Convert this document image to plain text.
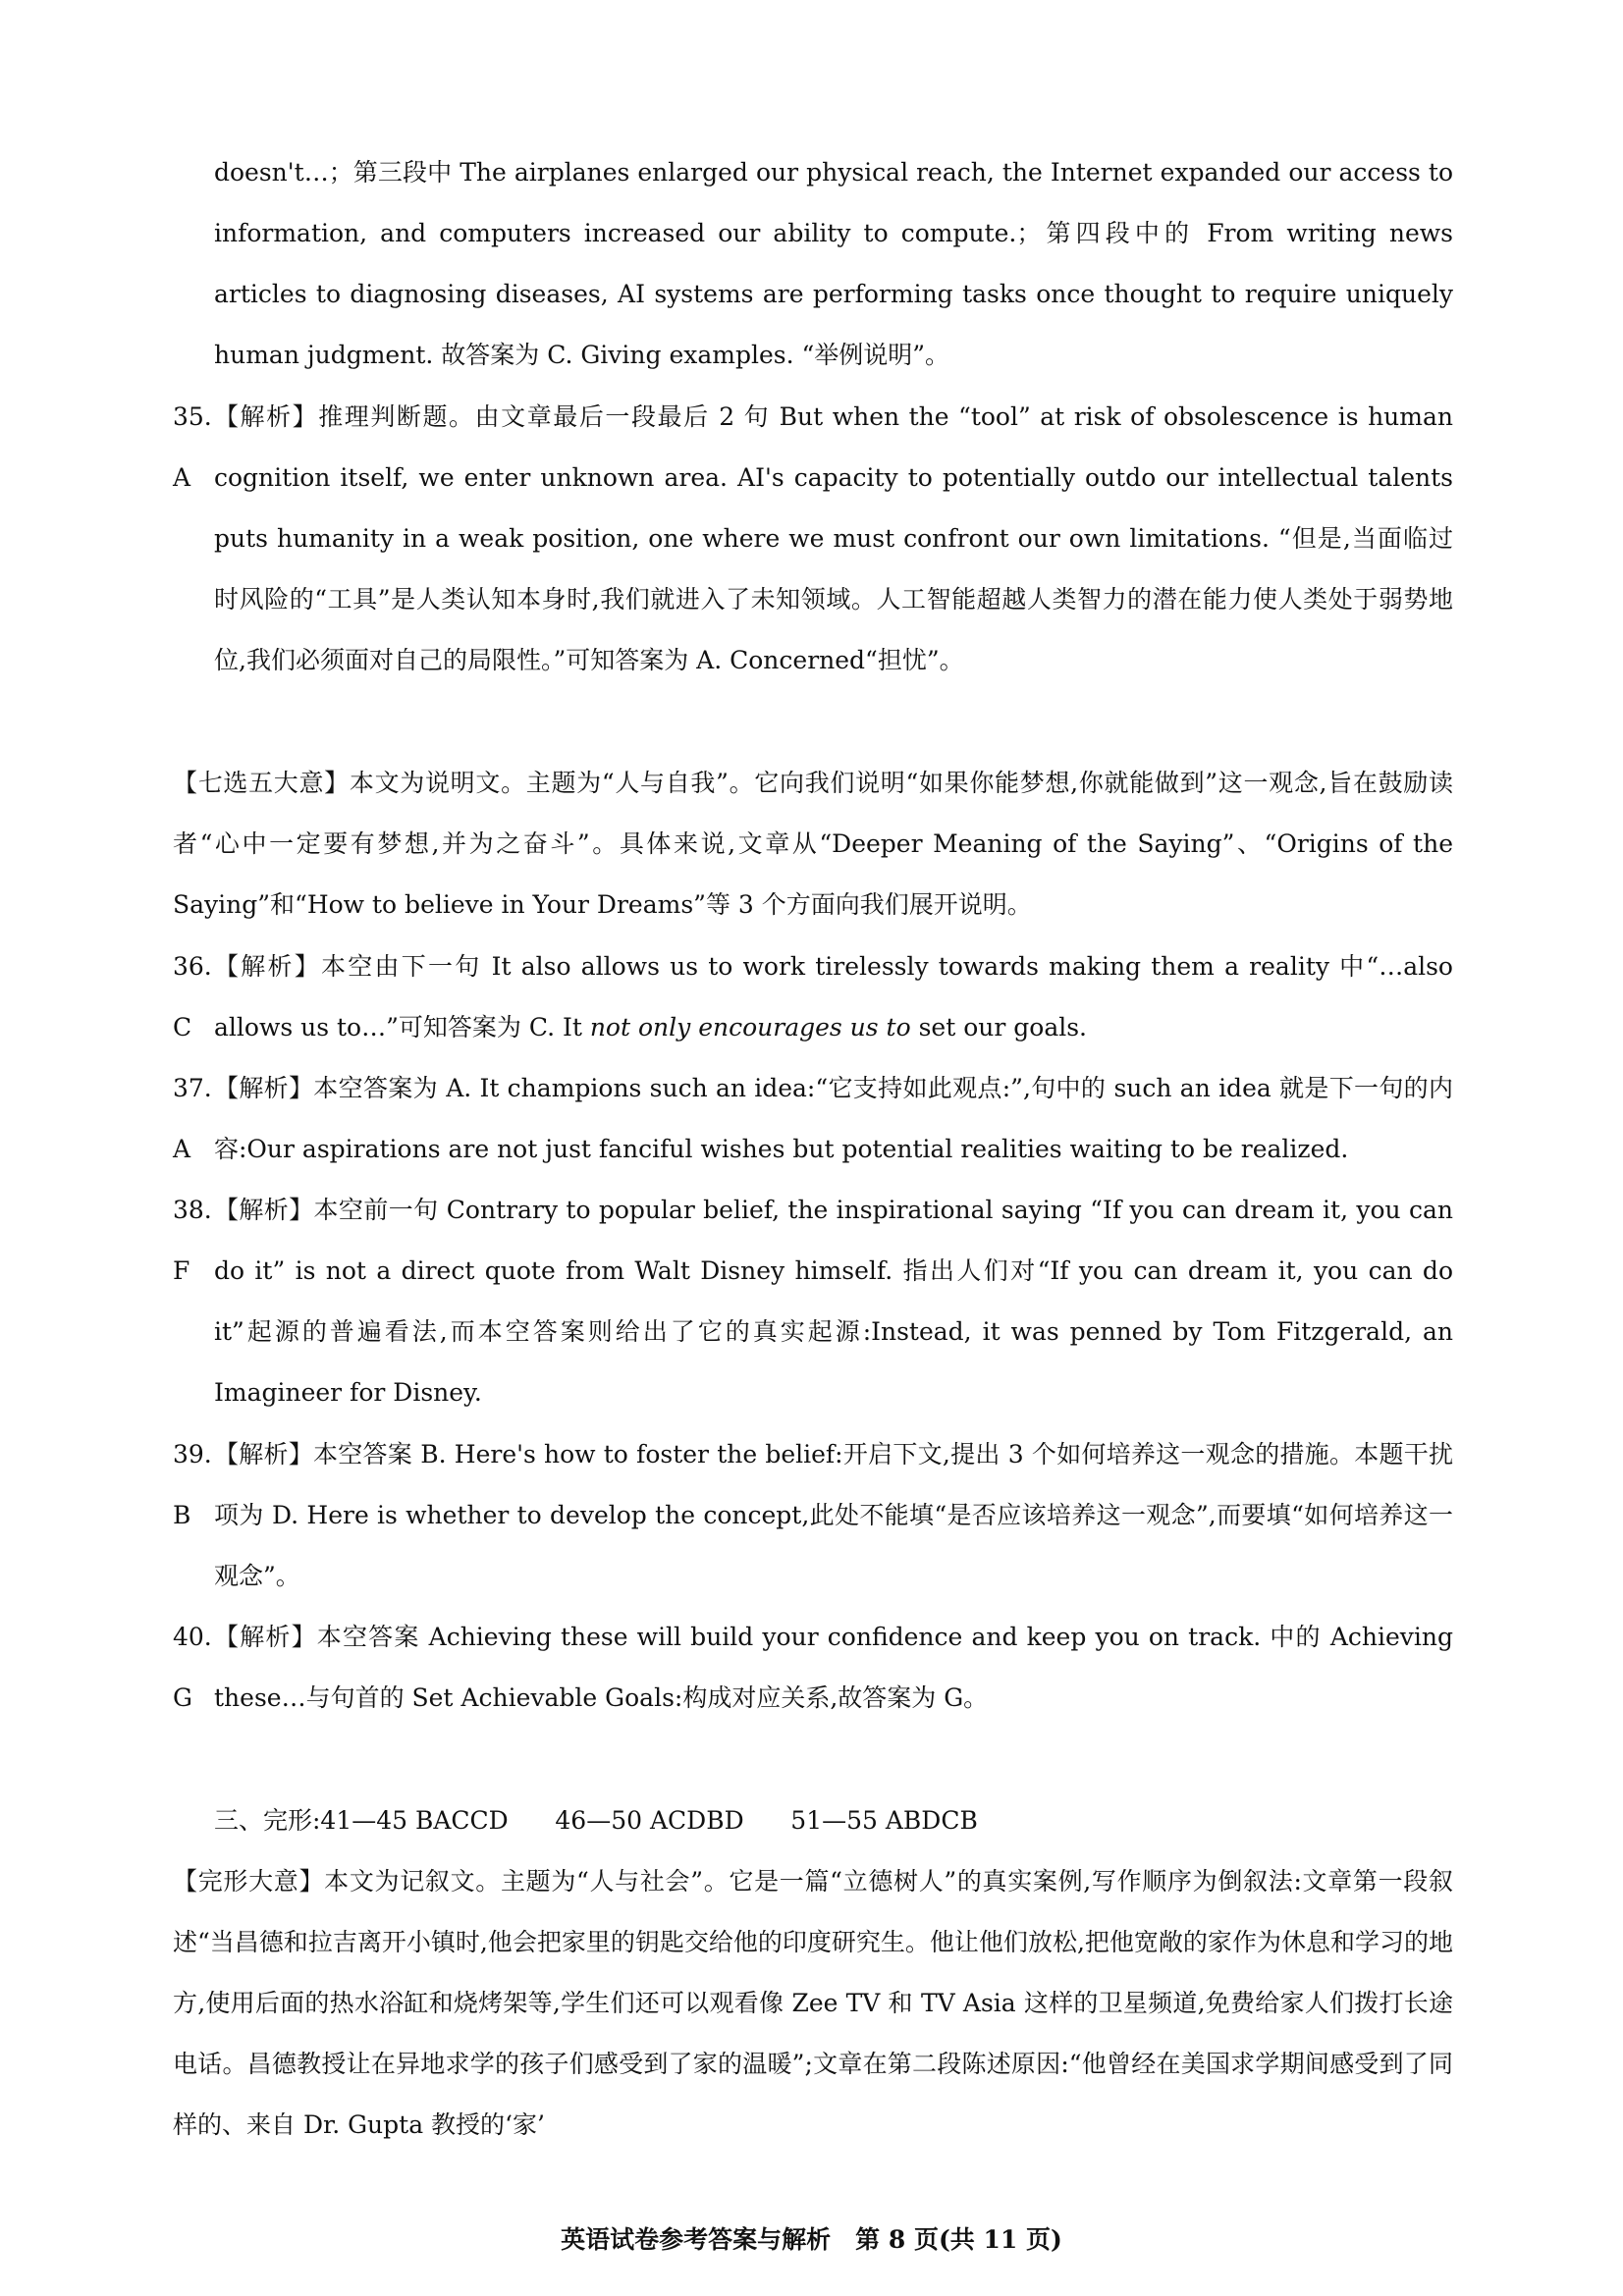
doesn't…；第三段中 The airplanes enlarged our physical reach, the Internet expanded our access to information, and computers increased our ability to compute.；第四段中的 From writing news articles to diagnosing diseases, AI systems are performing tasks once thought to require uniquely human judgment. 故答案为 C. Giving examples. “举例说明”。

35. A
【解析】推理判断题。由文章最后一段最后 2 句 But when the “tool” at risk of obsolescence is human cognition itself, we enter unknown area. AI's capacity to potentially outdo our intellectual talents puts humanity in a weak position, one where we must confront our own limitations. “但是,当面临过时风险的“工具”是人类认知本身时,我们就进入了未知领域。人工智能超越人类智力的潜在能力使人类处于弱势地位,我们必须面对自己的局限性。”可知答案为 A. Concerned“担忧”。

【七选五大意】本文为说明文。主题为“人与自我”。它向我们说明“如果你能梦想,你就能做到”这一观念,旨在鼓励读者“心中一定要有梦想,并为之奋斗”。具体来说,文章从“Deeper Meaning of the Saying”、“Origins of the Saying”和“How to believe in Your Dreams”等 3 个方面向我们展开说明。

36. C
【解析】本空由下一句 It also allows us to work tirelessly towards making them a reality 中“…also allows us to…”可知答案为 C. It not only encourages us to set our goals.
37. A
【解析】本空答案为 A. It champions such an idea:“它支持如此观点:”,句中的 such an idea 就是下一句的内容:Our aspirations are not just fanciful wishes but potential realities waiting to be realized.
38. F
【解析】本空前一句 Contrary to popular belief, the inspirational saying “If you can dream it, you can do it” is not a direct quote from Walt Disney himself. 指出人们对“If you can dream it, you can do it”起源的普遍看法,而本空答案则给出了它的真实起源:Instead, it was penned by Tom Fitzgerald, an Imagineer for Disney.
39. B
【解析】本空答案 B. Here's how to foster the belief:开启下文,提出 3 个如何培养这一观念的措施。本题干扰项为 D. Here is whether to develop the concept,此处不能填“是否应该培养这一观念”,而要填“如何培养这一观念”。
40. G
【解析】本空答案 Achieving these will build your confidence and keep you on track. 中的 Achieving these…与句首的 Set Achievable Goals:构成对应关系,故答案为 G。

三、完形:41—45 BACCD      46—50 ACDBD      51—55 ABDCB

【完形大意】本文为记叙文。主题为“人与社会”。它是一篇“立德树人”的真实案例,写作顺序为倒叙法:文章第一段叙述“当昌德和拉吉离开小镇时,他会把家里的钥匙交给他的印度研究生。他让他们放松,把他宽敞的家作为休息和学习的地方,使用后面的热水浴缸和烧烤架等,学生们还可以观看像 Zee TV 和 TV Asia 这样的卫星频道,免费给家人们拨打长途电话。昌德教授让在异地求学的孩子们感受到了家的温暖”;文章在第二段陈述原因:“他曾经在美国求学期间感受到了同样的、来自 Dr. Gupta 教授的‘家’

英语试卷参考答案与解析　第 8 页(共 11 页)
